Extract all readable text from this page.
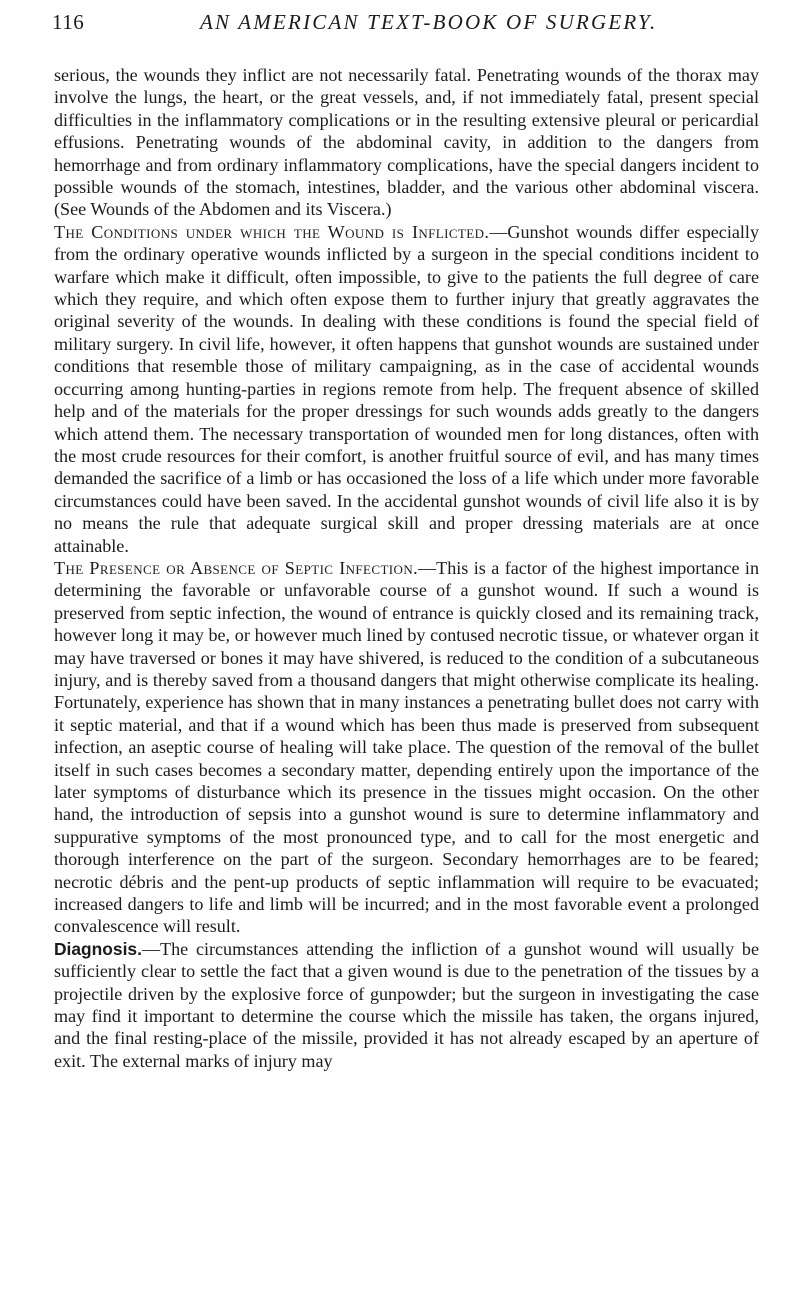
116	AN AMERICAN TEXT-BOOK OF SURGERY.

serious, the wounds they inflict are not necessarily fatal. Penetrating wounds of the thorax may involve the lungs, the heart, or the great vessels, and, if not immediately fatal, present special difficulties in the inflammatory complications or in the resulting extensive pleural or pericardial effusions. Penetrating wounds of the abdominal cavity, in addition to the dangers from hemorrhage and from ordinary inflammatory complications, have the special dangers incident to possible wounds of the stomach, intestines, bladder, and the various other abdominal viscera. (See Wounds of the Abdomen and its Viscera.)

The Conditions under which the Wound is Inflicted.—Gunshot wounds differ especially from the ordinary operative wounds inflicted by a surgeon in the special conditions incident to warfare which make it difficult, often impossible, to give to the patients the full degree of care which they require, and which often expose them to further injury that greatly aggravates the original severity of the wounds. In dealing with these conditions is found the special field of military surgery. In civil life, however, it often happens that gunshot wounds are sustained under conditions that resemble those of military campaigning, as in the case of accidental wounds occurring among hunting-parties in regions remote from help. The frequent absence of skilled help and of the materials for the proper dressings for such wounds adds greatly to the dangers which attend them. The necessary transportation of wounded men for long distances, often with the most crude resources for their comfort, is another fruitful source of evil, and has many times demanded the sacrifice of a limb or has occasioned the loss of a life which under more favorable circumstances could have been saved. In the accidental gunshot wounds of civil life also it is by no means the rule that adequate surgical skill and proper dressing materials are at once attainable.

The Presence or Absence of Septic Infection.—This is a factor of the highest importance in determining the favorable or unfavorable course of a gunshot wound. If such a wound is preserved from septic infection, the wound of entrance is quickly closed and its remaining track, however long it may be, or however much lined by contused necrotic tissue, or whatever organ it may have traversed or bones it may have shivered, is reduced to the condition of a subcutaneous injury, and is thereby saved from a thousand dangers that might otherwise complicate its healing. Fortunately, experience has shown that in many instances a penetrating bullet does not carry with it septic material, and that if a wound which has been thus made is preserved from subsequent infection, an aseptic course of healing will take place. The question of the removal of the bullet itself in such cases becomes a secondary matter, depending entirely upon the importance of the later symptoms of disturbance which its presence in the tissues might occasion. On the other hand, the introduction of sepsis into a gunshot wound is sure to determine inflammatory and suppurative symptoms of the most pronounced type, and to call for the most energetic and thorough interference on the part of the surgeon. Secondary hemorrhages are to be feared; necrotic débris and the pent-up products of septic inflammation will require to be evacuated; increased dangers to life and limb will be incurred; and in the most favorable event a prolonged convalescence will result.

Diagnosis.—The circumstances attending the infliction of a gunshot wound will usually be sufficiently clear to settle the fact that a given wound is due to the penetration of the tissues by a projectile driven by the explosive force of gunpowder; but the surgeon in investigating the case may find it important to determine the course which the missile has taken, the organs injured, and the final resting-place of the missile, provided it has not already escaped by an aperture of exit. The external marks of injury may
